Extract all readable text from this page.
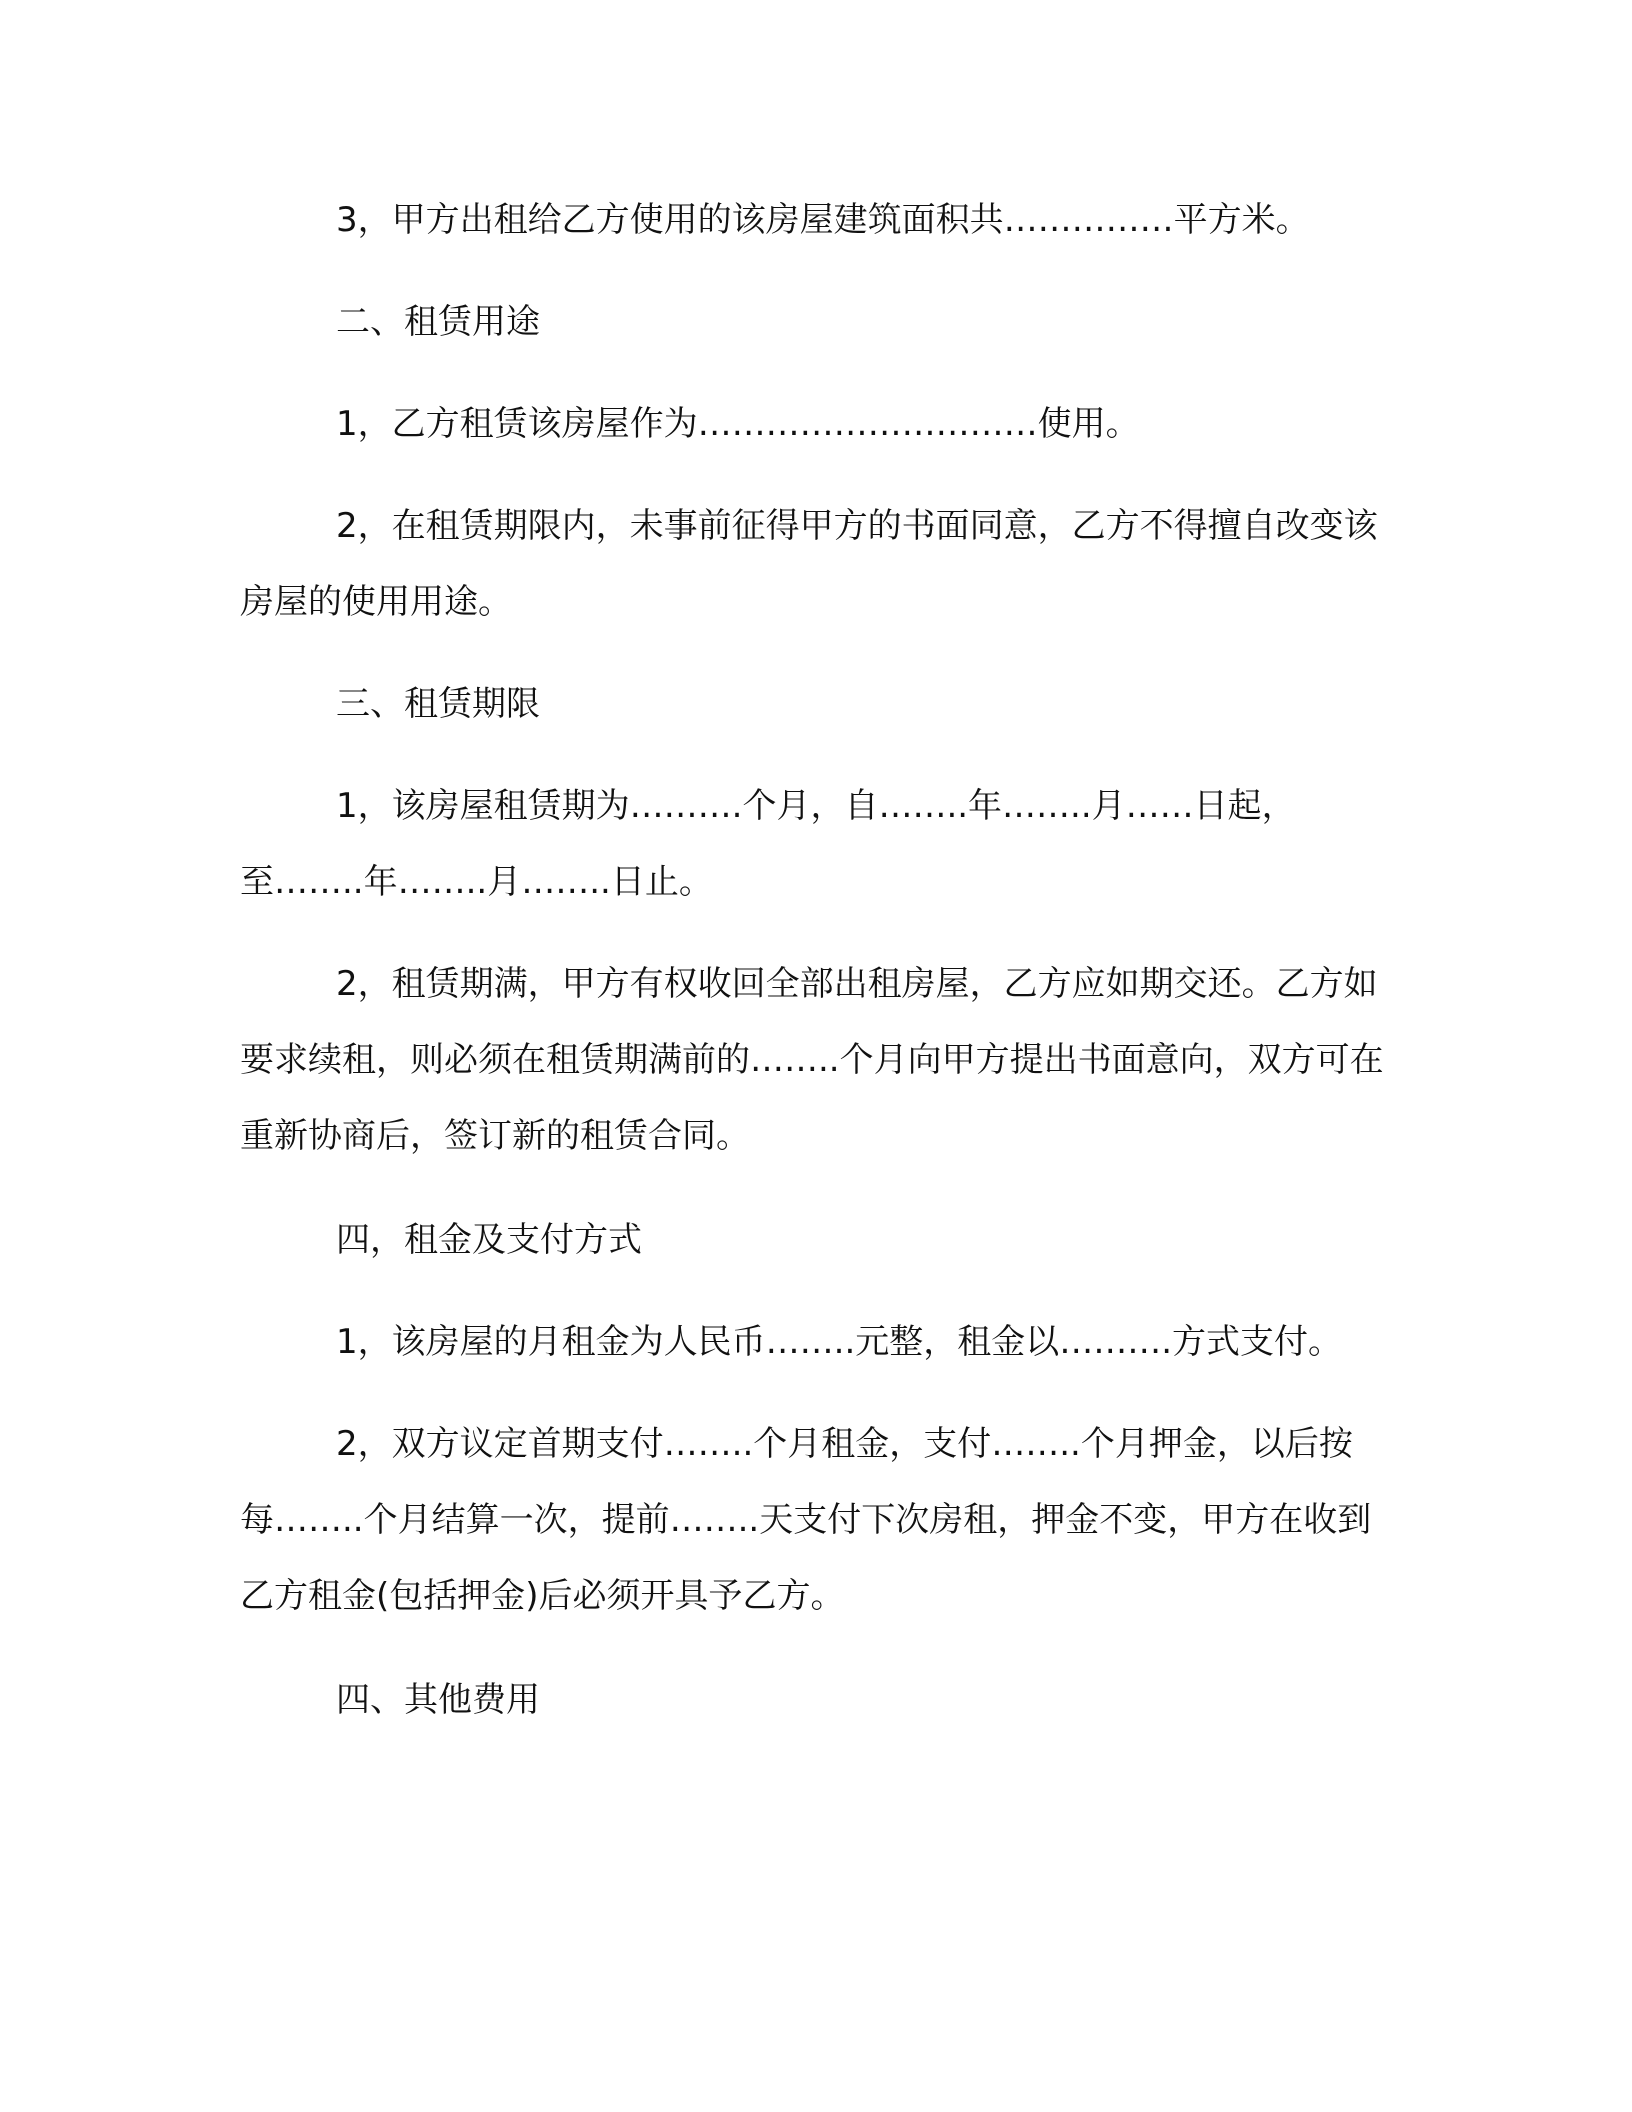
3，甲方出租给乙方使用的该房屋建筑面积共……………平方米。

二、租赁用途

1，乙方租赁该房屋作为…………………………使用。

2，在租赁期限内，未事前征得甲方的书面同意，乙方不得擅自改变该房屋的使用用途。

三、租赁期限

1，该房屋租赁期为……….个月，自……..年……..月……日起，至……..年……..月……..日止。

2，租赁期满，甲方有权收回全部出租房屋，乙方应如期交还。乙方如要求续租，则必须在租赁期满前的……..个月向甲方提出书面意向，双方可在重新协商后，签订新的租赁合同。

四，租金及支付方式

1，该房屋的月租金为人民币……..元整，租金以……….方式支付。

2，双方议定首期支付……..个月租金，支付……..个月押金，以后按每……..个月结算一次，提前……..天支付下次房租，押金不变，甲方在收到乙方租金(包括押金)后必须开具予乙方。

四、其他费用
